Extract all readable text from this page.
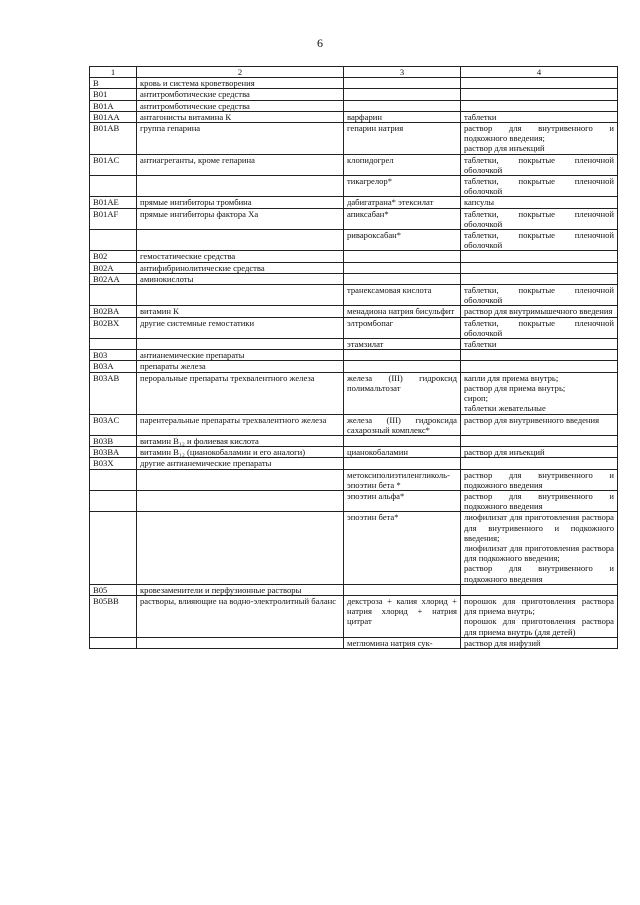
6
1	2	3	4
B	кровь и система кроветворения		
B01	антитромботические средства		
B01A	антитромботические средства		
B01AA	антагонисты витамина К	варфарин	таблетки
B01AB	группа гепарина	гепарин натрия	раствор для внутривенного и подкожного введения;
раствор для инъекций
B01AC	антиагреганты, кроме гепарина	клопидогрел	таблетки, покрытые пленочной оболочкой
		тикагрелор*	таблетки, покрытые пленочной оболочкой
B01AE	прямые ингибиторы тромбина	дабигатрана* этексилат	капсулы
B01AF	прямые ингибиторы фактора Xa	апиксабан*	таблетки, покрытые пленочной оболочкой
		ривароксабан*	таблетки, покрытые пленочной оболочкой
B02	гемостатические средства		
B02A	антифибринолитические средства		
B02AA	аминокислоты		
		транексамовая кислота	таблетки, покрытые пленочной оболочкой
B02BA	витамин К	менадиона натрия бисульфит	раствор для внутримышечного введения
B02BX	другие системные гемостатики	элтромбопаг	таблетки, покрытые пленочной оболочкой
		этамзилат	таблетки
B03	антианемические препараты		
B03A	препараты железа		
B03AB	пероральные препараты трехвалентного железа	железа (III) гидроксид полимальтозат	капли для приема внутрь;
раствор для приема внутрь;
сироп;
таблетки жевательные
B03AC	парентеральные препараты трехвалентного железа	железа (III) гидроксида сахарозный комплекс*	раствор для внутривенного введения
B03B	витамин B₁₂ и фолиевая кислота		
B03BA	витамин B₁₂ (цианокобаламин и его аналоги)	цианокобаламин	раствор для инъекций
B03X	другие антианемические препараты		
		метоксиполиэтиленгликоль-эпоэтин бета *	раствор для внутривенного и подкожного введения
		эпоэтин альфа*	раствор для внутривенного и подкожного введения
		эпоэтин бета*	лиофилизат для приготовления раствора для внутривенного и подкожного введения;
лиофилизат для приготовления раствора для подкожного введения;
раствор для внутривенного и подкожного введения
B05	кровезаменители и перфузионные растворы		
B05BB	растворы, влияющие на водно-электролитный баланс	декстроза + калия хлорид + натрия хлорид + натрия цитрат	порошок для приготовления раствора для приема внутрь;
порошок для приготовления раствора для приема внутрь (для детей)
		меглюмина натрия сук-	раствор для инфузий
